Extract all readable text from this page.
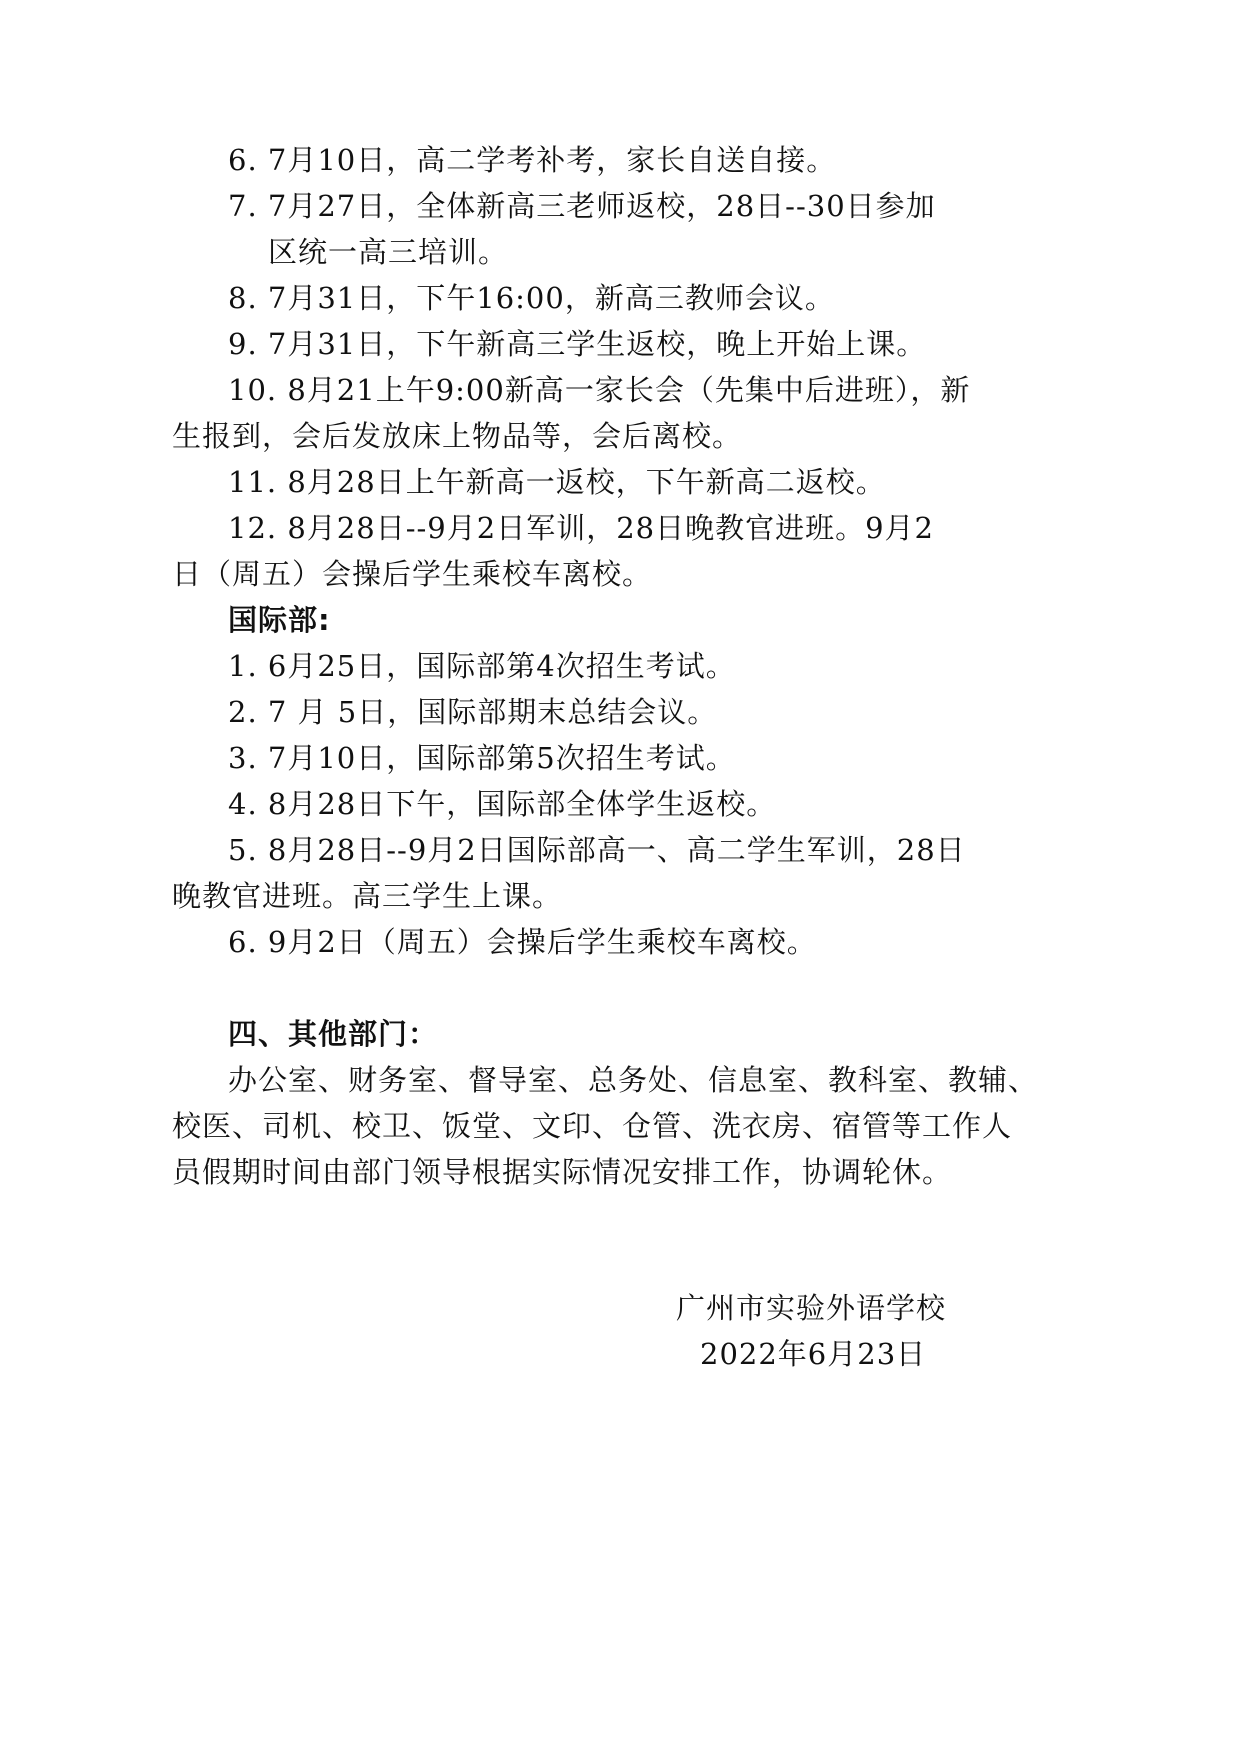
6. 7月10日，高二学考补考，家长自送自接。
7. 7月27日，全体新高三老师返校，28日--30日参加
区统一高三培训。
8. 7月31日，下午16:00，新高三教师会议。
9. 7月31日，下午新高三学生返校，晚上开始上课。
10. 8月21上午9:00新高一家长会（先集中后进班），新
生报到，会后发放床上物品等，会后离校。
11. 8月28日上午新高一返校，下午新高二返校。
12. 8月28日--9月2日军训，28日晚教官进班。9月2
日（周五）会操后学生乘校车离校。
国际部:
1. 6月25日，国际部第4次招生考试。
2. 7 月 5日，国际部期末总结会议。
3. 7月10日，国际部第5次招生考试。
4. 8月28日下午，国际部全体学生返校。
5. 8月28日--9月2日国际部高一、高二学生军训，28日
晚教官进班。高三学生上课。
6. 9月2日（周五）会操后学生乘校车离校。
四、其他部门：
办公室、财务室、督导室、总务处、信息室、教科室、教辅、
校医、司机、校卫、饭堂、文印、仓管、洗衣房、宿管等工作人
员假期时间由部门领导根据实际情况安排工作，协调轮休。
广州市实验外语学校
2022年6月23日
